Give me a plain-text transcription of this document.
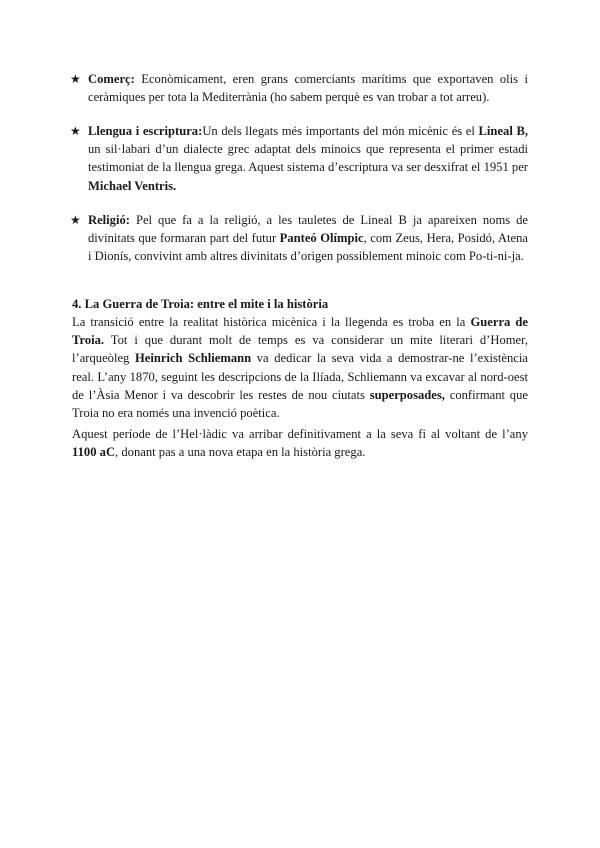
★ Comerç: Econòmicament, eren grans comerciants marítims que exportaven olis i ceràmiques per tota la Mediterrània (ho sabem perquè es van trobar a tot arreu).
★ Llengua i escriptura:Un dels llegats més importants del món micènic és el Lineal B, un sil·labari d’un dialecte grec adaptat dels minoics que representa el primer estadi testimoniat de la llengua grega. Aquest sistema d’escriptura va ser desxifrat el 1951 per Michael Ventris.
★ Religió: Pel que fa a la religió, a les tauletes de Lineal B ja apareixen noms de divinitats que formaran part del futur Panteó Olímpic, com Zeus, Hera, Posidó, Atena i Dionís, convivint amb altres divinitats d’origen possiblement minoic com Po-ti-ni-ja.
4. La Guerra de Troia: entre el mite i la història
La transició entre la realitat històrica micènica i la llegenda es troba en la Guerra de Troia. Tot i que durant molt de temps es va considerar un mite literari d’Homer, l’arqueòleg Heinrich Schliemann va dedicar la seva vida a demostrar-ne l’existència real. L’any 1870, seguint les descripcions de la Ilíada, Schliemann va excavar al nord-oest de l’Àsia Menor i va descobrir les restes de nou ciutats superposades, confirmant que Troia no era només una invenció poètica.
Aquest període de l’Hel·làdic va arribar definitivament a la seva fi al voltant de l’any 1100 aC, donant pas a una nova etapa en la història grega.
